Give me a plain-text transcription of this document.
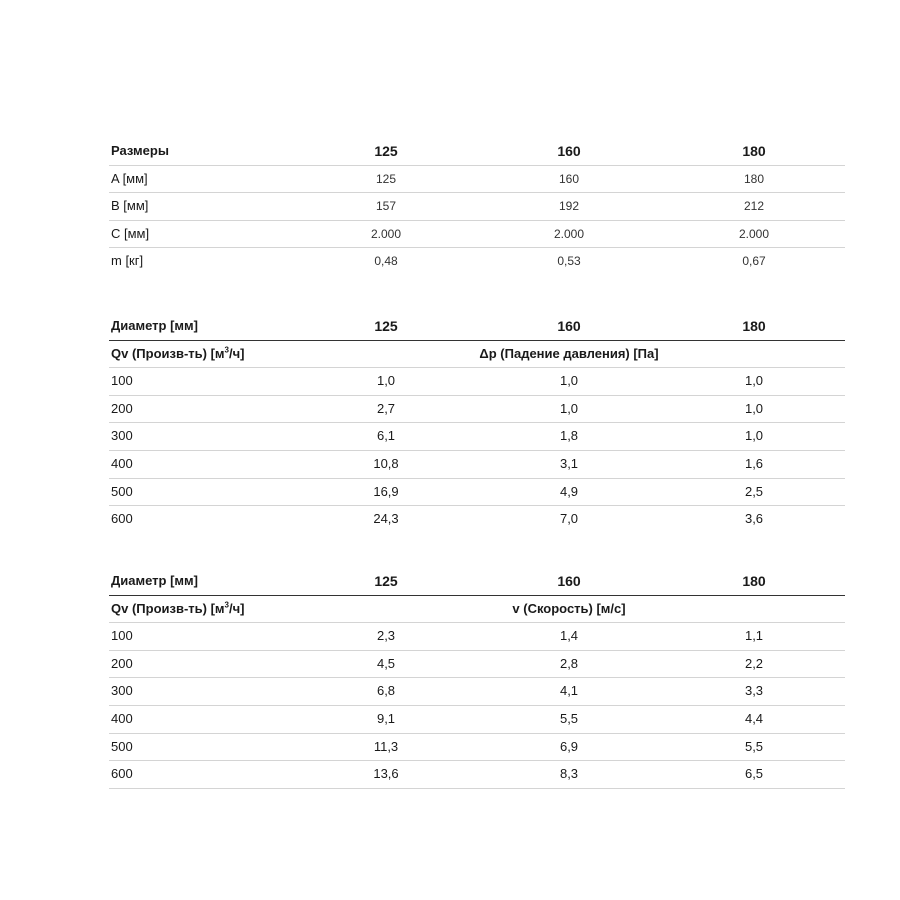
Размеры	125	160	180
A [мм]	125	160	180
B [мм]	157	192	212
C [мм]	2.000	2.000	2.000
m [кг]	0,48	0,53	0,67
Диаметр [мм]	125	160	180
Qv (Произв-ть) $[м^3/ч]$	Δp (Падение давления) [Па]
100	1,0	1,0	1,0
200	2,7	1,0	1,0
300	6,1	1,8	1,0
400	10,8	3,1	1,6
500	16,9	4,9	2,5
600	24,3	7,0	3,6
Диаметр [мм]	125	160	180
Qv (Произв-ть) $[м^3/ч]$	v (Скорость) [м/с]
100	2,3	1,4	1,1
200	4,5	2,8	2,2
300	6,8	4,1	3,3
400	9,1	5,5	4,4
500	11,3	6,9	5,5
600	13,6	8,3	6,5
